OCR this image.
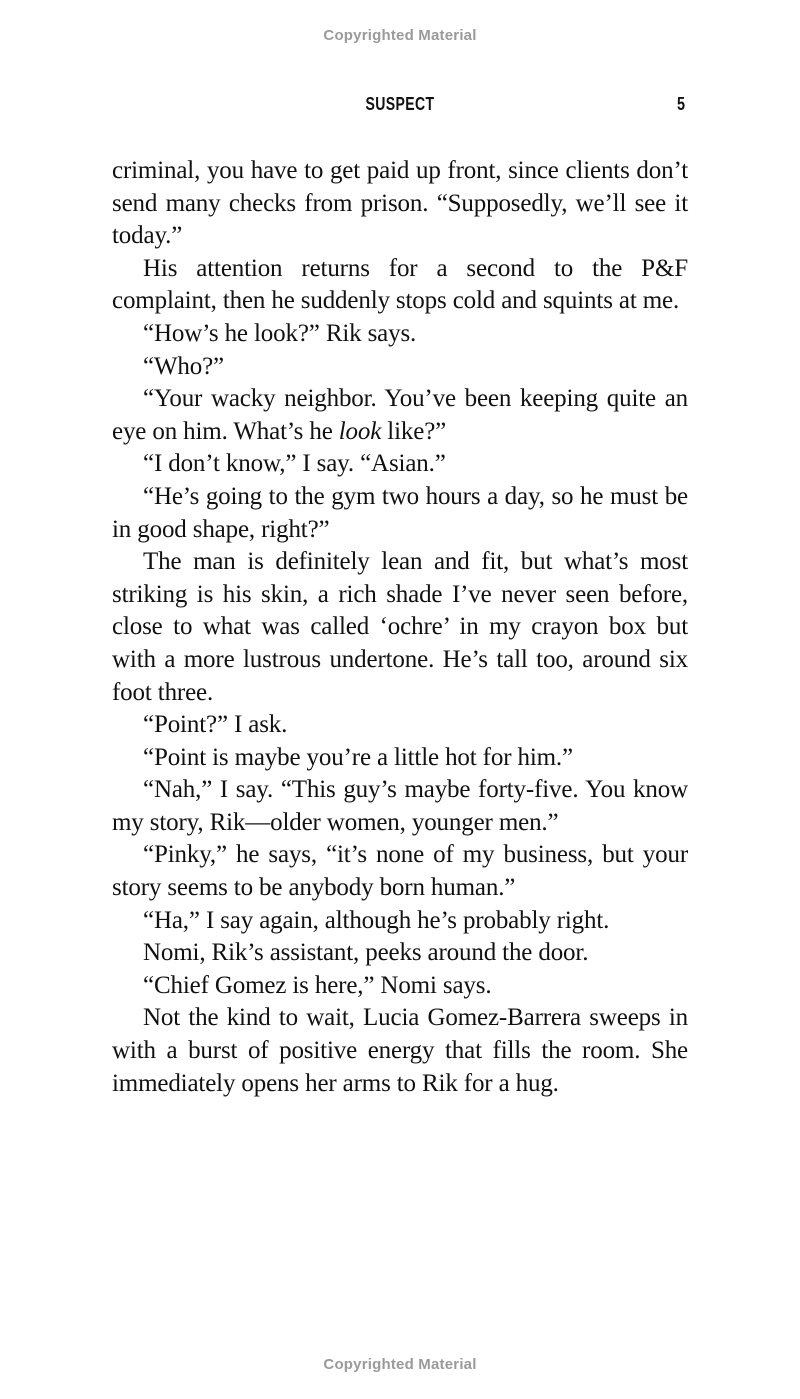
Copyrighted Material
SUSPECT	5

criminal, you have to get paid up front, since clients don’t send many checks from prison. “Supposedly, we’ll see it today.”

His attention returns for a second to the P&F complaint, then he suddenly stops cold and squints at me.

“How’s he look?” Rik says.

“Who?”

“Your wacky neighbor. You’ve been keeping quite an eye on him. What’s he look like?”

“I don’t know,” I say. “Asian.”

“He’s going to the gym two hours a day, so he must be in good shape, right?”

The man is definitely lean and fit, but what’s most striking is his skin, a rich shade I’ve never seen before, close to what was called ‘ochre’ in my crayon box but with a more lustrous undertone. He’s tall too, around six foot three.

“Point?” I ask.

“Point is maybe you’re a little hot for him.”

“Nah,” I say. “This guy’s maybe forty-five. You know my story, Rik—older women, younger men.”

“Pinky,” he says, “it’s none of my business, but your story seems to be anybody born human.”

“Ha,” I say again, although he’s probably right.

Nomi, Rik’s assistant, peeks around the door.

“Chief Gomez is here,” Nomi says.

Not the kind to wait, Lucia Gomez-Barrera sweeps in with a burst of positive energy that fills the room. She immediately opens her arms to Rik for a hug.

Copyrighted Material
